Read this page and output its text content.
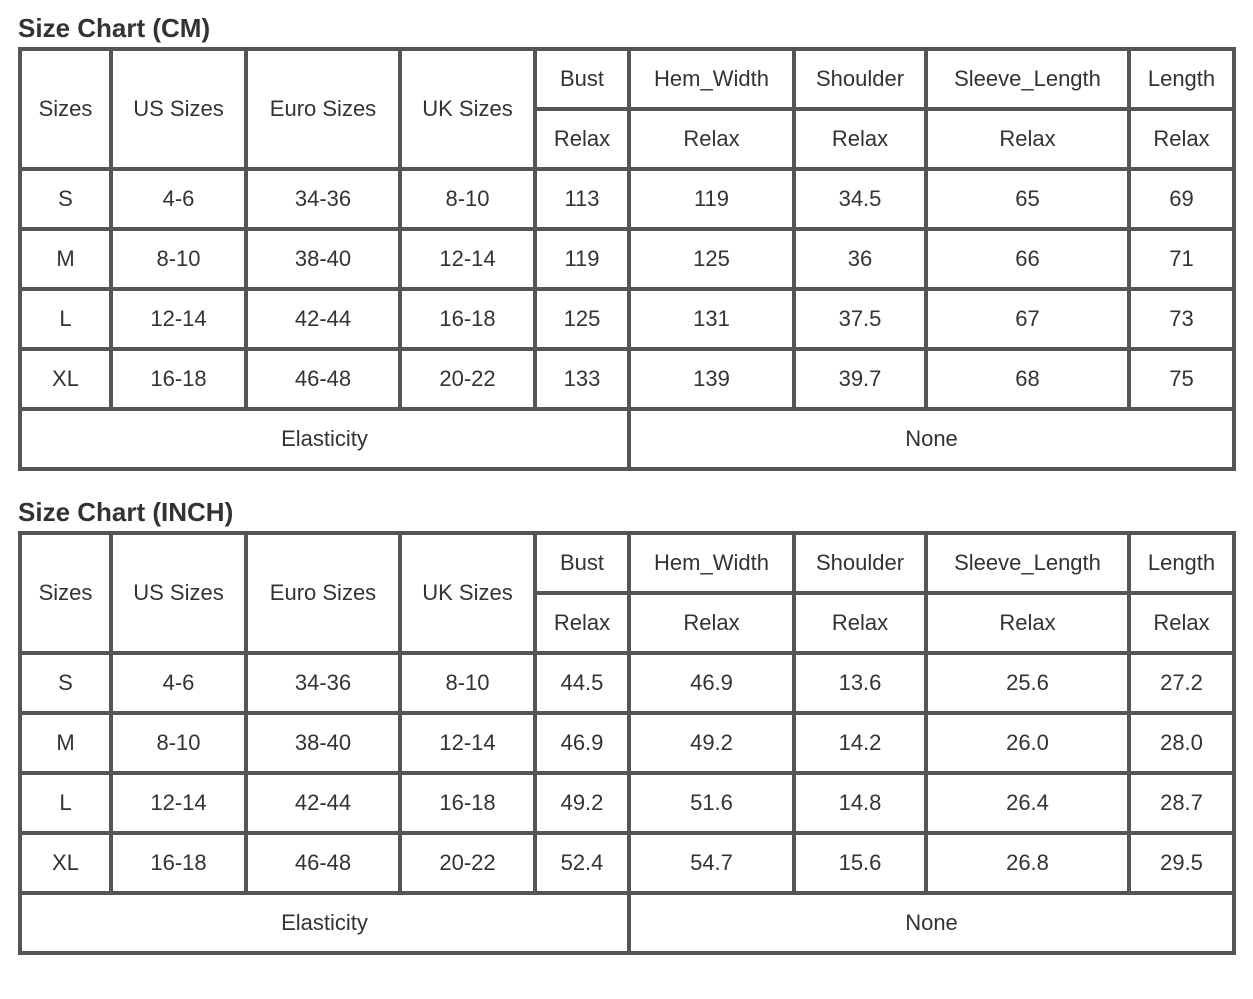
Size Chart (CM)
Sizes	US Sizes	Euro Sizes	UK Sizes	Bust	Hem_Width	Shoulder	Sleeve_Length	Length
				Relax	Relax	Relax	Relax	Relax
S	4-6	34-36	8-10	113	119	34.5	65	69
M	8-10	38-40	12-14	119	125	36	66	71
L	12-14	42-44	16-18	125	131	37.5	67	73
XL	16-18	46-48	20-22	133	139	39.7	68	75
Elasticity					None			
Size Chart (INCH)
Sizes	US Sizes	Euro Sizes	UK Sizes	Bust	Hem_Width	Shoulder	Sleeve_Length	Length
				Relax	Relax	Relax	Relax	Relax
S	4-6	34-36	8-10	44.5	46.9	13.6	25.6	27.2
M	8-10	38-40	12-14	46.9	49.2	14.2	26.0	28.0
L	12-14	42-44	16-18	49.2	51.6	14.8	26.4	28.7
XL	16-18	46-48	20-22	52.4	54.7	15.6	26.8	29.5
Elasticity					None			
